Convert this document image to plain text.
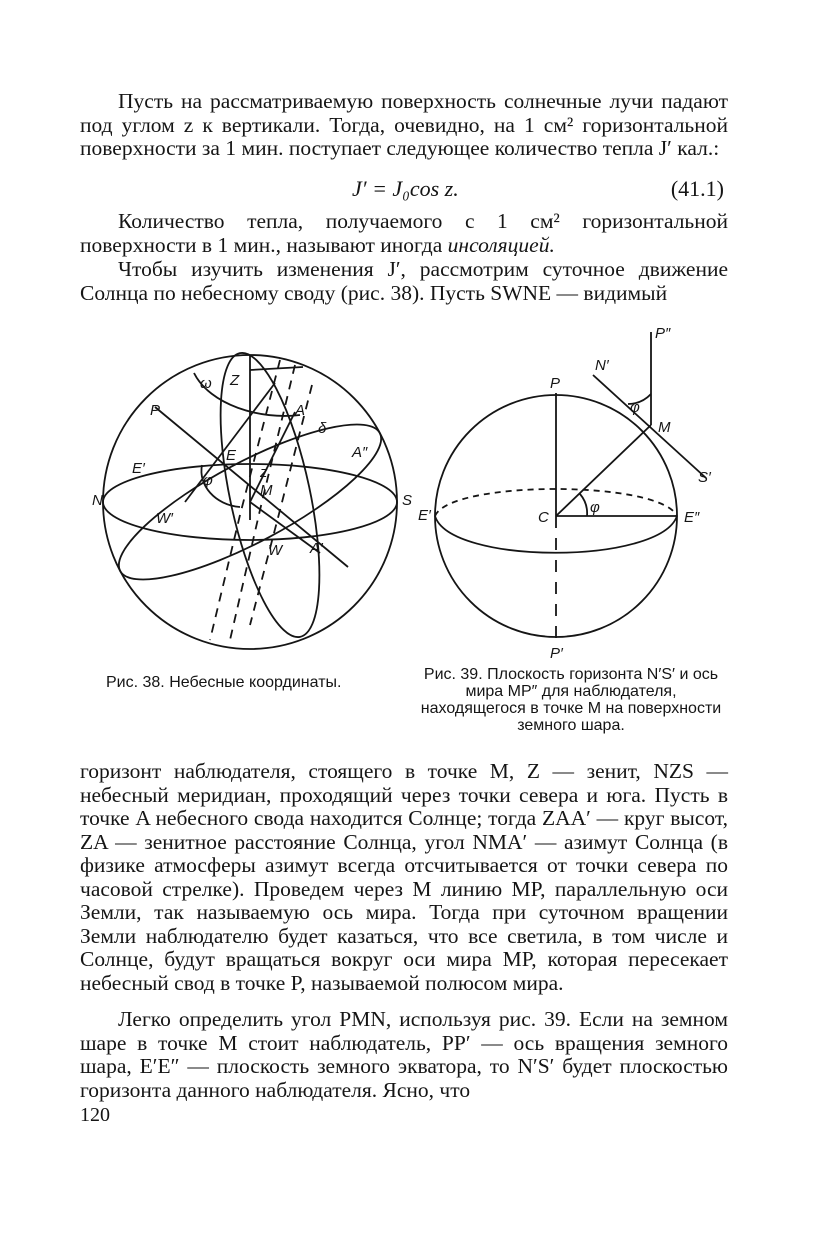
Пусть на рассматриваемую поверхность солнечные лучи падают под углом z к вертикали. Тогда, очевидно, на 1 см² горизонтальной поверхности за 1 мин. поступает следующее количество тепла J′ кал.:

J′ = J₀cos z.	(41.1)

Количество тепла, получаемого с 1 см² горизонтальной поверхности в 1 мин., называют иногда инсоляцией.

Чтобы изучить изменения J′, рассмотрим суточное движение Солнца по небесному своду (рис. 38). Пусть SWNE — видимый

Z
P
ω
A
δ
A″
E′
E
φ	z
M
N	S
W′
W A′
P″
N′
P
φ
M
S′
E′	C
φ
E″
P′
Рис. 38. Небесные координаты.	Рис. 39. Плоскость горизонта N′S′ и ось мира MP″ для наблюдателя, находящегося в точке M на поверхности земного шара.

горизонт наблюдателя, стоящего в точке M, Z — зенит, NZS — небесный меридиан, проходящий через точки севера и юга. Пусть в точке A небесного свода находится Солнце; тогда ZAA′ — круг высот, ZA — зенитное расстояние Солнца, угол NMA′ — азимут Солнца (в физике атмосферы азимут всегда отсчитывается от точки севера по часовой стрелке). Проведем через M линию MP, параллельную оси Земли, так называемую ось мира. Тогда при суточном вращении Земли наблюдателю будет казаться, что все светила, в том числе и Солнце, будут вращаться вокруг оси мира MP, которая пересекает небесный свод в точке P, называемой полюсом мира.

Легко определить угол PMN, используя рис. 39. Если на земном шаре в точке M стоит наблюдатель, PP′ — ось вращения земного шара, E′E″ — плоскость земного экватора, то N′S′ будет плоскостью горизонта данного наблюдателя. Ясно, что

120
